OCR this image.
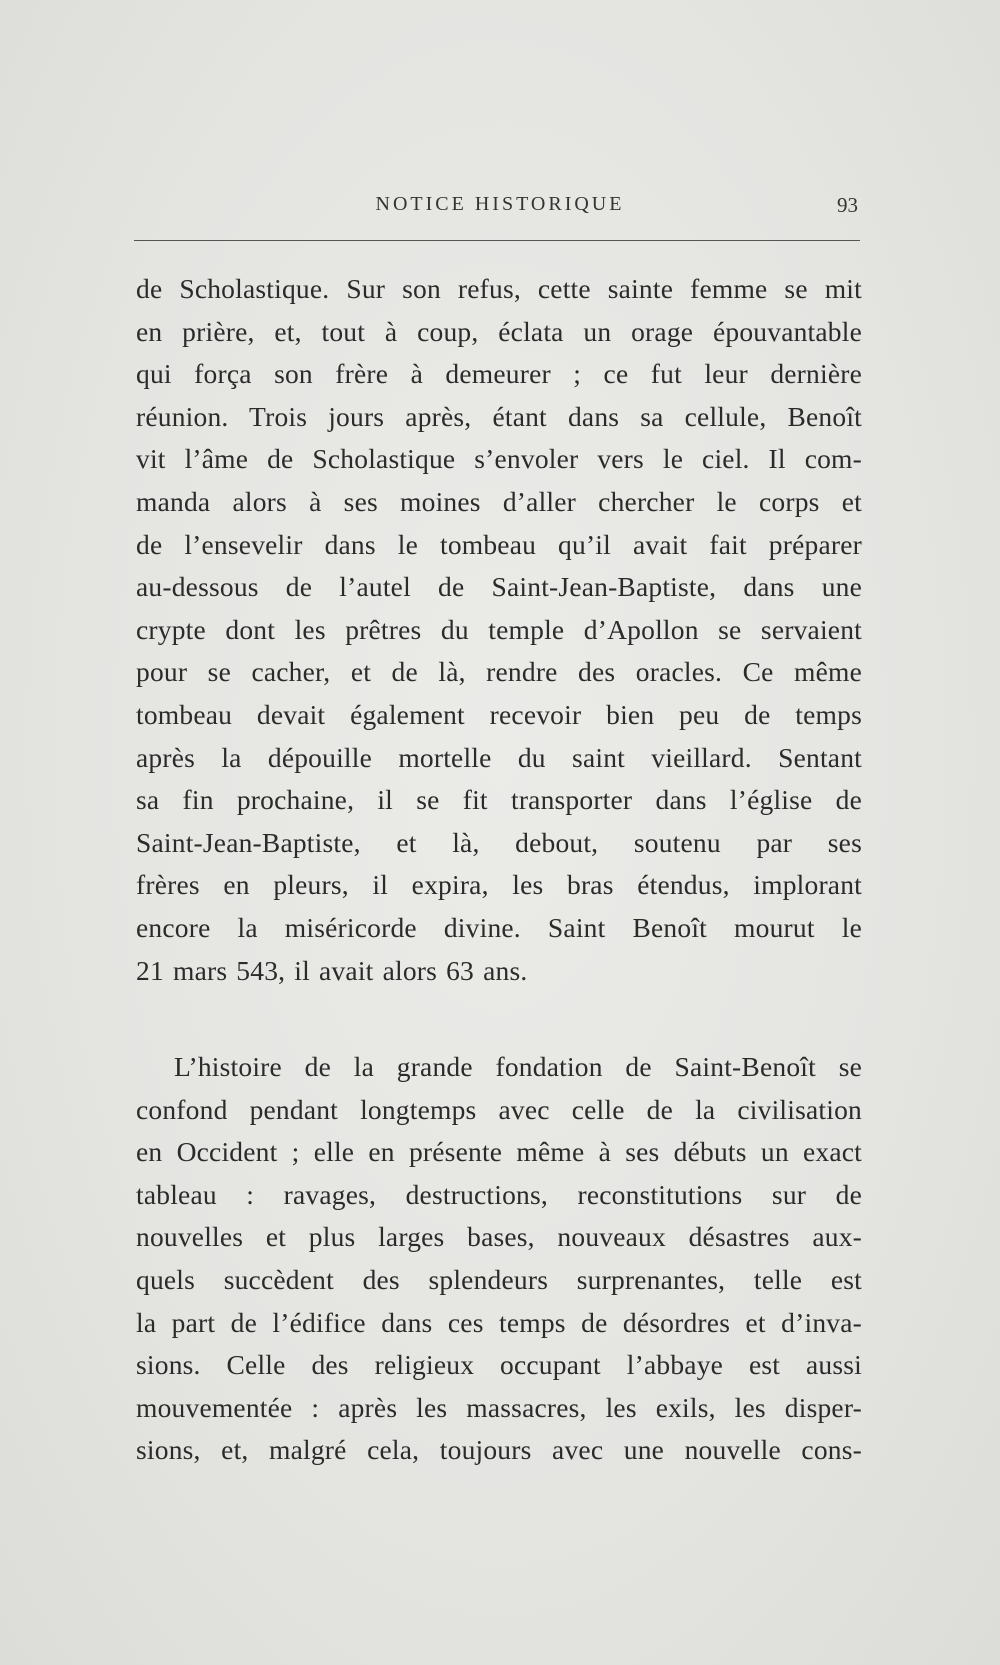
NOTICE HISTORIQUE	93
de Scholastique. Sur son refus, cette sainte femme se mit
en prière, et, tout à coup, éclata un orage épouvantable
qui força son frère à demeurer ; ce fut leur dernière
réunion. Trois jours après, étant dans sa cellule, Benoît
vit l’âme de Scholastique s’envoler vers le ciel. Il com-
manda alors à ses moines d’aller chercher le corps et
de l’ensevelir dans le tombeau qu’il avait fait préparer
au-dessous de l’autel de Saint-Jean-Baptiste, dans une
crypte dont les prêtres du temple d’Apollon se servaient
pour se cacher, et de là, rendre des oracles. Ce même
tombeau devait également recevoir bien peu de temps
après la dépouille mortelle du saint vieillard. Sentant
sa fin prochaine, il se fit transporter dans l’église de
Saint-Jean-Baptiste, et là, debout, soutenu par ses
frères en pleurs, il expira, les bras étendus, implorant
encore la miséricorde divine. Saint Benoît mourut le
21 mars 543, il avait alors 63 ans.
L’histoire de la grande fondation de Saint-Benoît se
confond pendant longtemps avec celle de la civilisation
en Occident ; elle en présente même à ses débuts un exact
tableau : ravages, destructions, reconstitutions sur de
nouvelles et plus larges bases, nouveaux désastres aux-
quels succèdent des splendeurs surprenantes, telle est
la part de l’édifice dans ces temps de désordres et d’inva-
sions. Celle des religieux occupant l’abbaye est aussi
mouvementée : après les massacres, les exils, les disper-
sions, et, malgré cela, toujours avec une nouvelle cons-
